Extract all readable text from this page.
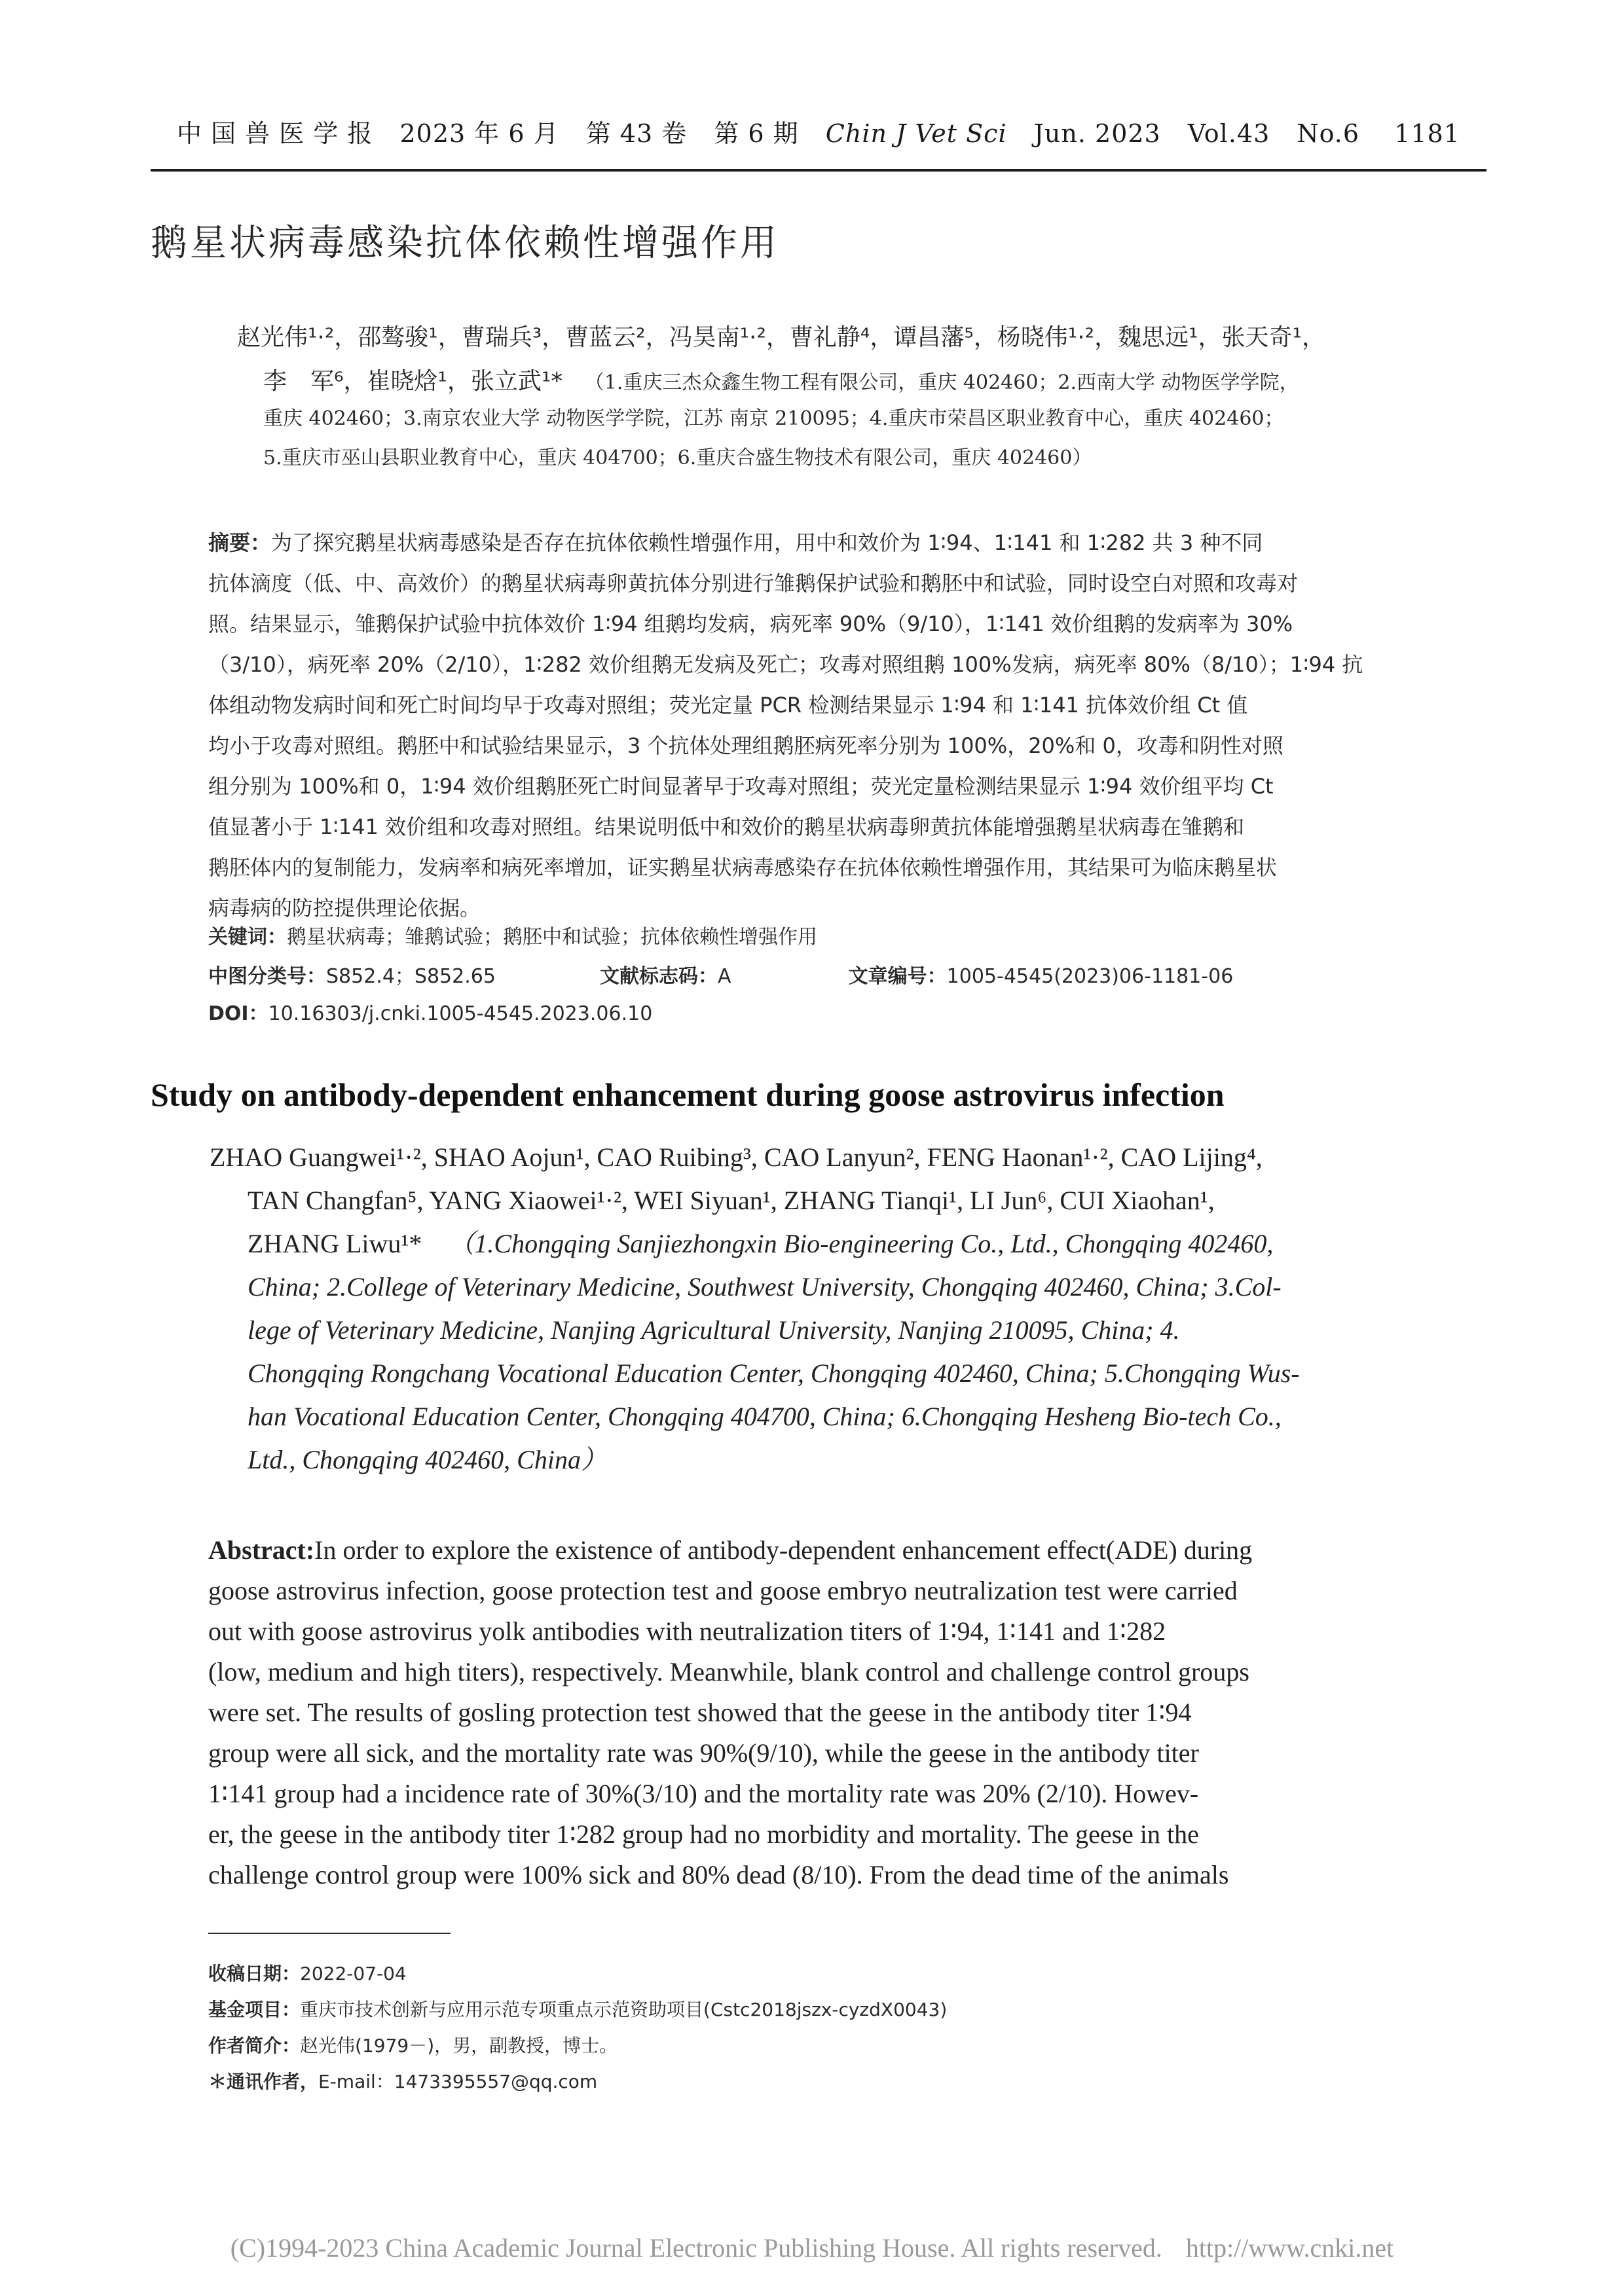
中 国 兽 医 学 报 2023 年 6 月 第 43 卷 第 6 期 Chin J Vet Sci Jun. 2023 Vol.43 No.6 1181
鹅星状病毒感染抗体依赖性增强作用
赵光伟¹·²，邵骜骏¹，曹瑞兵³，曹蓝云²，冯昊南¹·²，曹礼静⁴，谭昌藩⁵，杨晓伟¹·²，魏思远¹，张天奇¹，
李　军⁶，崔晓焓¹，张立武¹* （1.重庆三杰众鑫生物工程有限公司，重庆 402460；2.西南大学 动物医学学院，
重庆 402460；3.南京农业大学 动物医学学院，江苏 南京 210095；4.重庆市荣昌区职业教育中心，重庆 402460；
5.重庆市巫山县职业教育中心，重庆 404700；6.重庆合盛生物技术有限公司，重庆 402460）
摘要：为了探究鹅星状病毒感染是否存在抗体依赖性增强作用，用中和效价为 1∶94、1∶141 和 1∶282 共 3 种不同
抗体滴度（低、中、高效价）的鹅星状病毒卵黄抗体分别进行雏鹅保护试验和鹅胚中和试验，同时设空白对照和攻毒对
照。结果显示，雏鹅保护试验中抗体效价 1∶94 组鹅均发病，病死率 90%（9/10），1∶141 效价组鹅的发病率为 30%
（3/10），病死率 20%（2/10），1∶282 效价组鹅无发病及死亡；攻毒对照组鹅 100%发病，病死率 80%（8/10）；1∶94 抗
体组动物发病时间和死亡时间均早于攻毒对照组；荧光定量 PCR 检测结果显示 1∶94 和 1∶141 抗体效价组 Ct 值
均小于攻毒对照组。鹅胚中和试验结果显示，3 个抗体处理组鹅胚病死率分别为 100%，20%和 0，攻毒和阴性对照
组分别为 100%和 0，1∶94 效价组鹅胚死亡时间显著早于攻毒对照组；荧光定量检测结果显示 1∶94 效价组平均 Ct
值显著小于 1∶141 效价组和攻毒对照组。结果说明低中和效价的鹅星状病毒卵黄抗体能增强鹅星状病毒在雏鹅和
鹅胚体内的复制能力，发病率和病死率增加，证实鹅星状病毒感染存在抗体依赖性增强作用，其结果可为临床鹅星状
病毒病的防控提供理论依据。
关键词：鹅星状病毒；雏鹅试验；鹅胚中和试验；抗体依赖性增强作用
中图分类号：S852.4；S852.65	文献标志码：A	文章编号：1005-4545(2023)06-1181-06
DOI：10.16303/j.cnki.1005-4545.2023.06.10
Study on antibody-dependent enhancement during goose astrovirus infection
ZHAO Guangwei¹·², SHAO Aojun¹, CAO Ruibing³, CAO Lanyun², FENG Haonan¹·², CAO Lijing⁴,
TAN Changfan⁵, YANG Xiaowei¹·², WEI Siyuan¹, ZHANG Tianqi¹, LI Jun⁶, CUI Xiaohan¹,
ZHANG Liwu¹* （1.Chongqing Sanjiezhongxin Bio-engineering Co., Ltd., Chongqing 402460,
China; 2.College of Veterinary Medicine, Southwest University, Chongqing 402460, China; 3.Col-
lege of Veterinary Medicine, Nanjing Agricultural University, Nanjing 210095, China; 4.
Chongqing Rongchang Vocational Education Center, Chongqing 402460, China; 5.Chongqing Wus-
han Vocational Education Center, Chongqing 404700, China; 6.Chongqing Hesheng Bio-tech Co.,
Ltd., Chongqing 402460, China）
Abstract:In order to explore the existence of antibody-dependent enhancement effect(ADE) during
goose astrovirus infection, goose protection test and goose embryo neutralization test were carried
out with goose astrovirus yolk antibodies with neutralization titers of 1∶94, 1∶141 and 1∶282
(low, medium and high titers), respectively. Meanwhile, blank control and challenge control groups
were set. The results of gosling protection test showed that the geese in the antibody titer 1∶94
group were all sick, and the mortality rate was 90%(9/10), while the geese in the antibody titer
1∶141 group had a incidence rate of 30%(3/10) and the mortality rate was 20% (2/10). Howev-
er, the geese in the antibody titer 1∶282 group had no morbidity and mortality. The geese in the
challenge control group were 100% sick and 80% dead (8/10). From the dead time of the animals
收稿日期：2022-07-04
基金项目：重庆市技术创新与应用示范专项重点示范资助项目(Cstc2018jszx-cyzdX0043)
作者简介：赵光伟(1979－)，男，副教授，博士。
＊通讯作者，E-mail：1473395557@qq.com
(C)1994-2023 China Academic Journal Electronic Publishing House. All rights reserved. http://www.cnki.net
